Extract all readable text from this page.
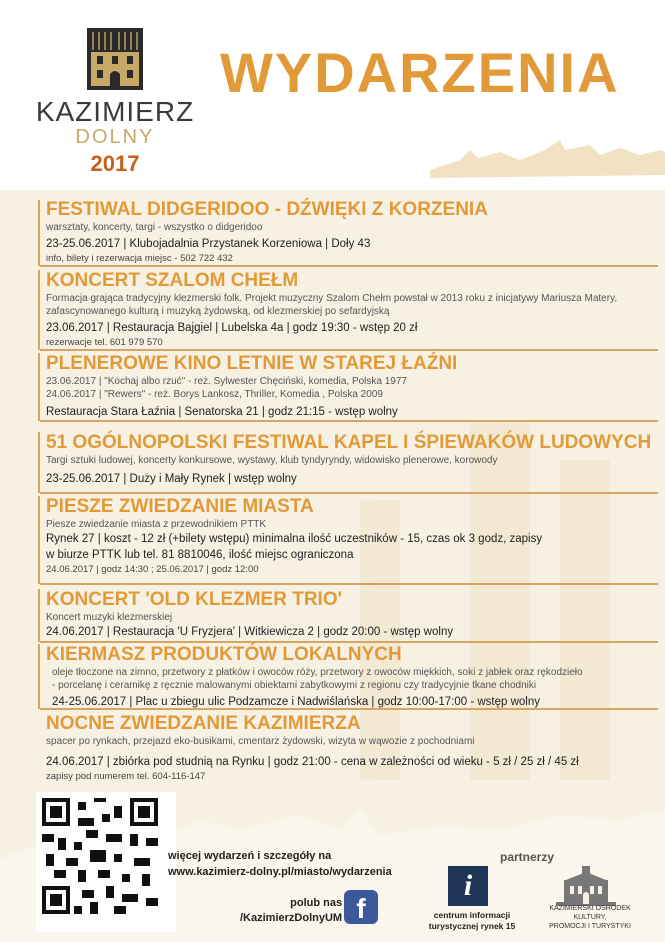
KAZIMIERZ
DOLNY
2017
WYDARZENIA
FESTIWAL DIDGERIDOO - DŹWIĘKI Z KORZENIA
warsztaty, koncerty, targi - wszystko o didgeridoo
23-25.06.2017 | Klubojadalnia Przystanek Korzeniowa | Doły 43
info, bilety i rezerwacja miejsc - 502 722 432
KONCERT SZALOM CHEŁM
Formacja grająca tradycyjny klezmerski folk. Projekt muzyczny Szalom Chełm powstał w 2013 roku z inicjatywy Mariusza Matery,
zafascynowanego kulturą i muzyką żydowską, od klezmerskiej po sefardyjską
23.06.2017 | Restauracja Bajgiel | Lubelska 4a | godz 19:30 - wstęp 20 zł
rezerwacje tel. 601 979 570
PLENEROWE KINO LETNIE W STAREJ ŁAŹNI
23.06.2017 | "Kochaj albo rzuć" - reż. Sylwester Chęciński, komedia, Polska 1977
24.06.2017 | "Rewers" - reż. Borys Lankosz, Thriller, Komedia , Polska 2009
Restauracja Stara Łaźnia | Senatorska 21 | godz 21:15 - wstęp wolny
51 OGÓLNOPOLSKI FESTIWAL KAPEL I ŚPIEWAKÓW LUDOWYCH
Targi sztuki ludowej, koncerty konkursowe, wystawy, klub tyndyryndy, widowisko plenerowe, korowody
23-25.06.2017 | Duży i Mały Rynek | wstęp wolny
PIESZE ZWIEDZANIE MIASTA
Piesze zwiedzanie miasta z przewodnikiem PTTK
Rynek 27 | koszt - 12 zł (+bilety wstępu) minimalna ilość uczestników - 15, czas ok 3 godz, zapisy
w biurze PTTK lub tel. 81 8810046, ilość miejsc ograniczona
24.06.2017 | godz 14:30 ; 25.06.2017 | godz 12:00
KONCERT 'OLD KLEZMER TRIO'
Koncert muzyki klezmerskiej
24.06.2017 | Restauracja 'U Fryzjera' | Witkiewicza 2 | godz 20:00 - wstęp wolny
KIERMASZ PRODUKTÓW LOKALNYCH
oleje tłoczone na zimno, przetwory z płatków i owoców róży, przetwory z owoców miękkich, soki z jabłek oraz rękodzieło
- porcelanę i ceramikę z ręcznie malowanymi obiektami zabytkowymi z regionu czy tradycyjnie tkane chodniki
24-25.06.2017 | Plac u zbiegu ulic Podzamcze i Nadwiślańska | godz 10:00-17:00 - wstęp wolny
NOCNE ZWIEDZANIE KAZIMIERZA
spacer po rynkach, przejazd eko-busikami, cmentarz żydowski, wizyta w wąwozie z pochodniami
24.06.2017 | zbiórka pod studnią na Rynku | godz 21:00 - cena w zależności od wieku - 5 zł / 25 zł / 45 zł
zapisy pod numerem tel. 604-116-147
więcej wydarzeń i szczegóły na
www.kazimierz-dolny.pl/miasto/wydarzenia
polub nas
/KazimierzDolnyUM f
partnerzy
i
centrum informacji
turystycznej rynek 15
KAZIMIERSKI OŚRODEK KULTURY,
PROMOCJI I TURYSTYKI
